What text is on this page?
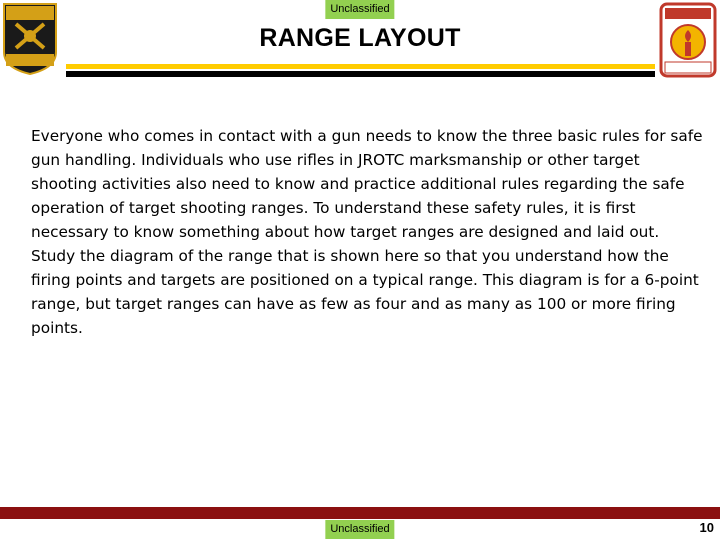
Unclassified
RANGE LAYOUT
Everyone who comes in contact with a gun needs to know the three basic rules for safe gun handling. Individuals who use rifles in JROTC marksmanship or other target shooting activities also need to know and practice additional rules regarding the safe operation of target shooting ranges. To understand these safety rules, it is first necessary to know something about how target ranges are designed and laid out. Study the diagram of the range that is shown here so that you understand how the firing points and targets are positioned on a typical range. This diagram is for a 6-point range, but target ranges can have as few as four and as many as 100 or more firing points.
Unclassified	10
